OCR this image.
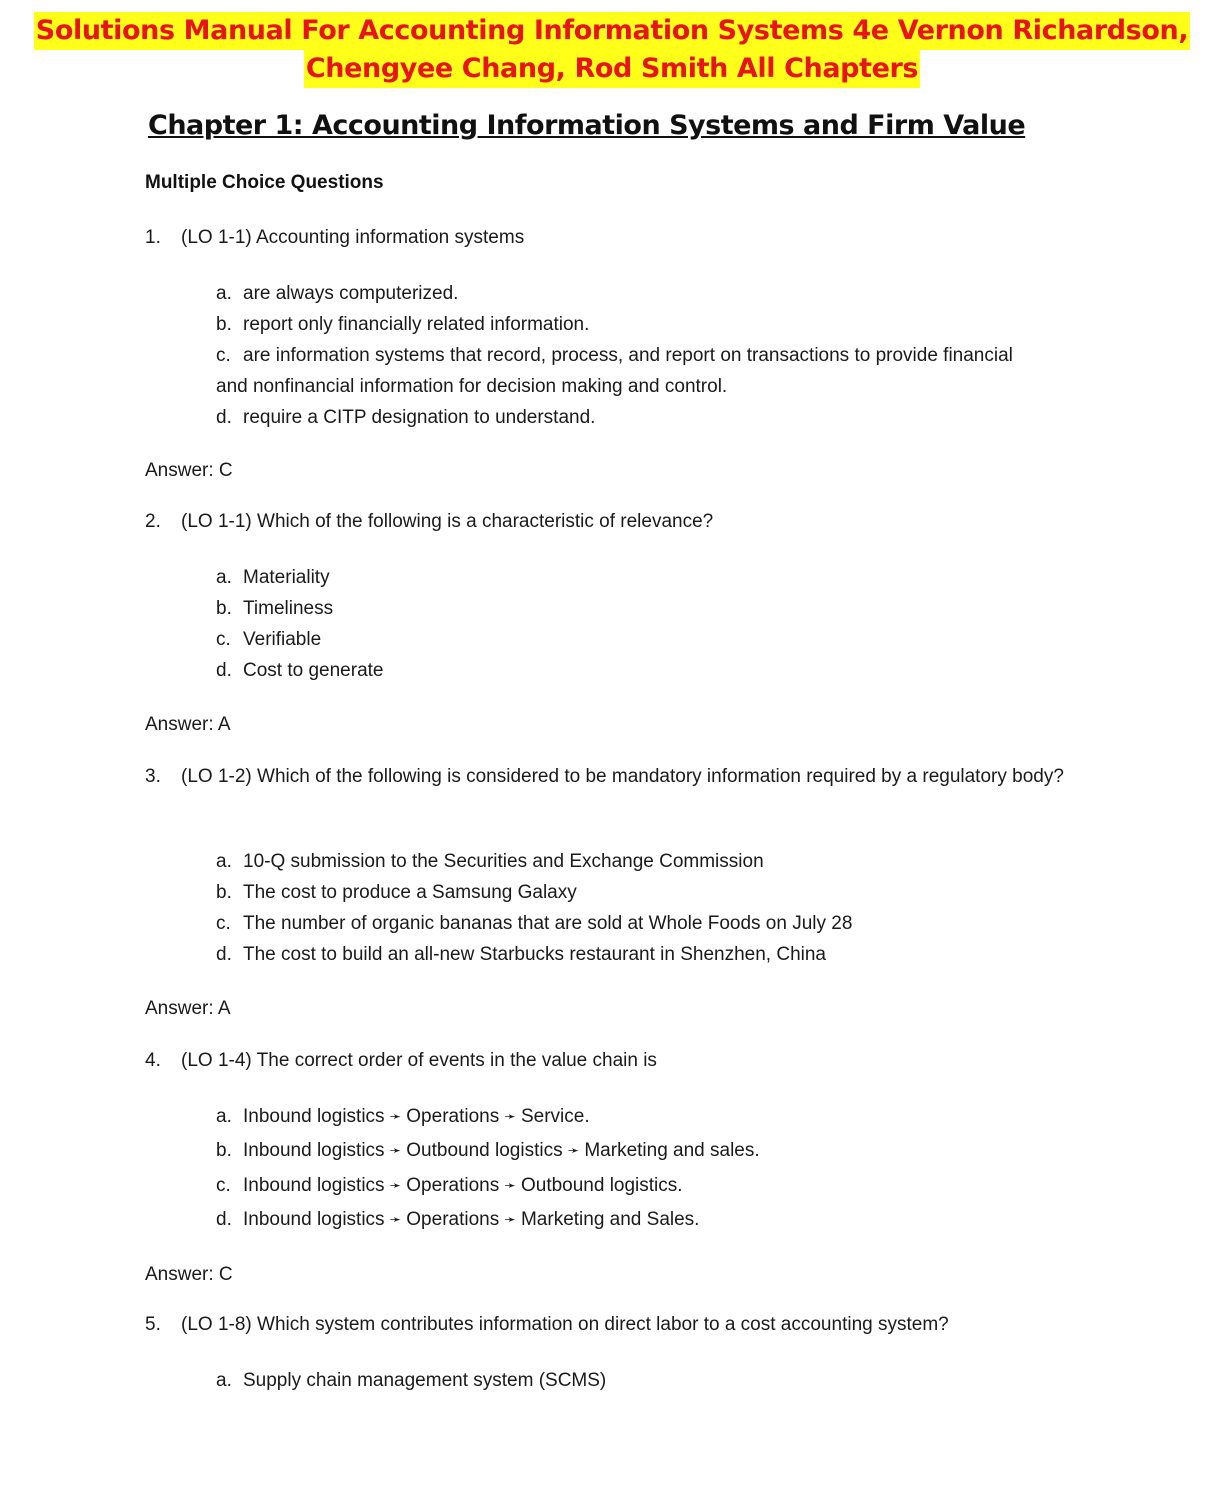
Solutions Manual For Accounting Information Systems 4e Vernon Richardson,
Chengyee Chang, Rod Smith All Chapters
Chapter 1: Accounting Information Systems and Firm Value
Multiple Choice Questions
1. (LO 1-1) Accounting information systems
a. are always computerized.
b. report only financially related information.
c. are information systems that record, process, and report on transactions to provide financial
and nonfinancial information for decision making and control.
d. require a CITP designation to understand.
Answer: C
2. (LO 1-1) Which of the following is a characteristic of relevance?
a. Materiality
b. Timeliness
c. Verifiable
d. Cost to generate
Answer: A
3. (LO 1-2) Which of the following is considered to be mandatory information required by a regulatory body?
a. 10-Q submission to the Securities and Exchange Commission
b. The cost to produce a Samsung Galaxy
c. The number of organic bananas that are sold at Whole Foods on July 28
d. The cost to build an all-new Starbucks restaurant in Shenzhen, China
Answer: A
4. (LO 1-4) The correct order of events in the value chain is
a. Inbound logistics ➛ Operations ➛ Service.
b. Inbound logistics ➛ Outbound logistics ➛ Marketing and sales.
c. Inbound logistics ➛ Operations ➛ Outbound logistics.
d. Inbound logistics ➛ Operations ➛ Marketing and Sales.
Answer: C
5. (LO 1-8) Which system contributes information on direct labor to a cost accounting system?
a. Supply chain management system (SCMS)
